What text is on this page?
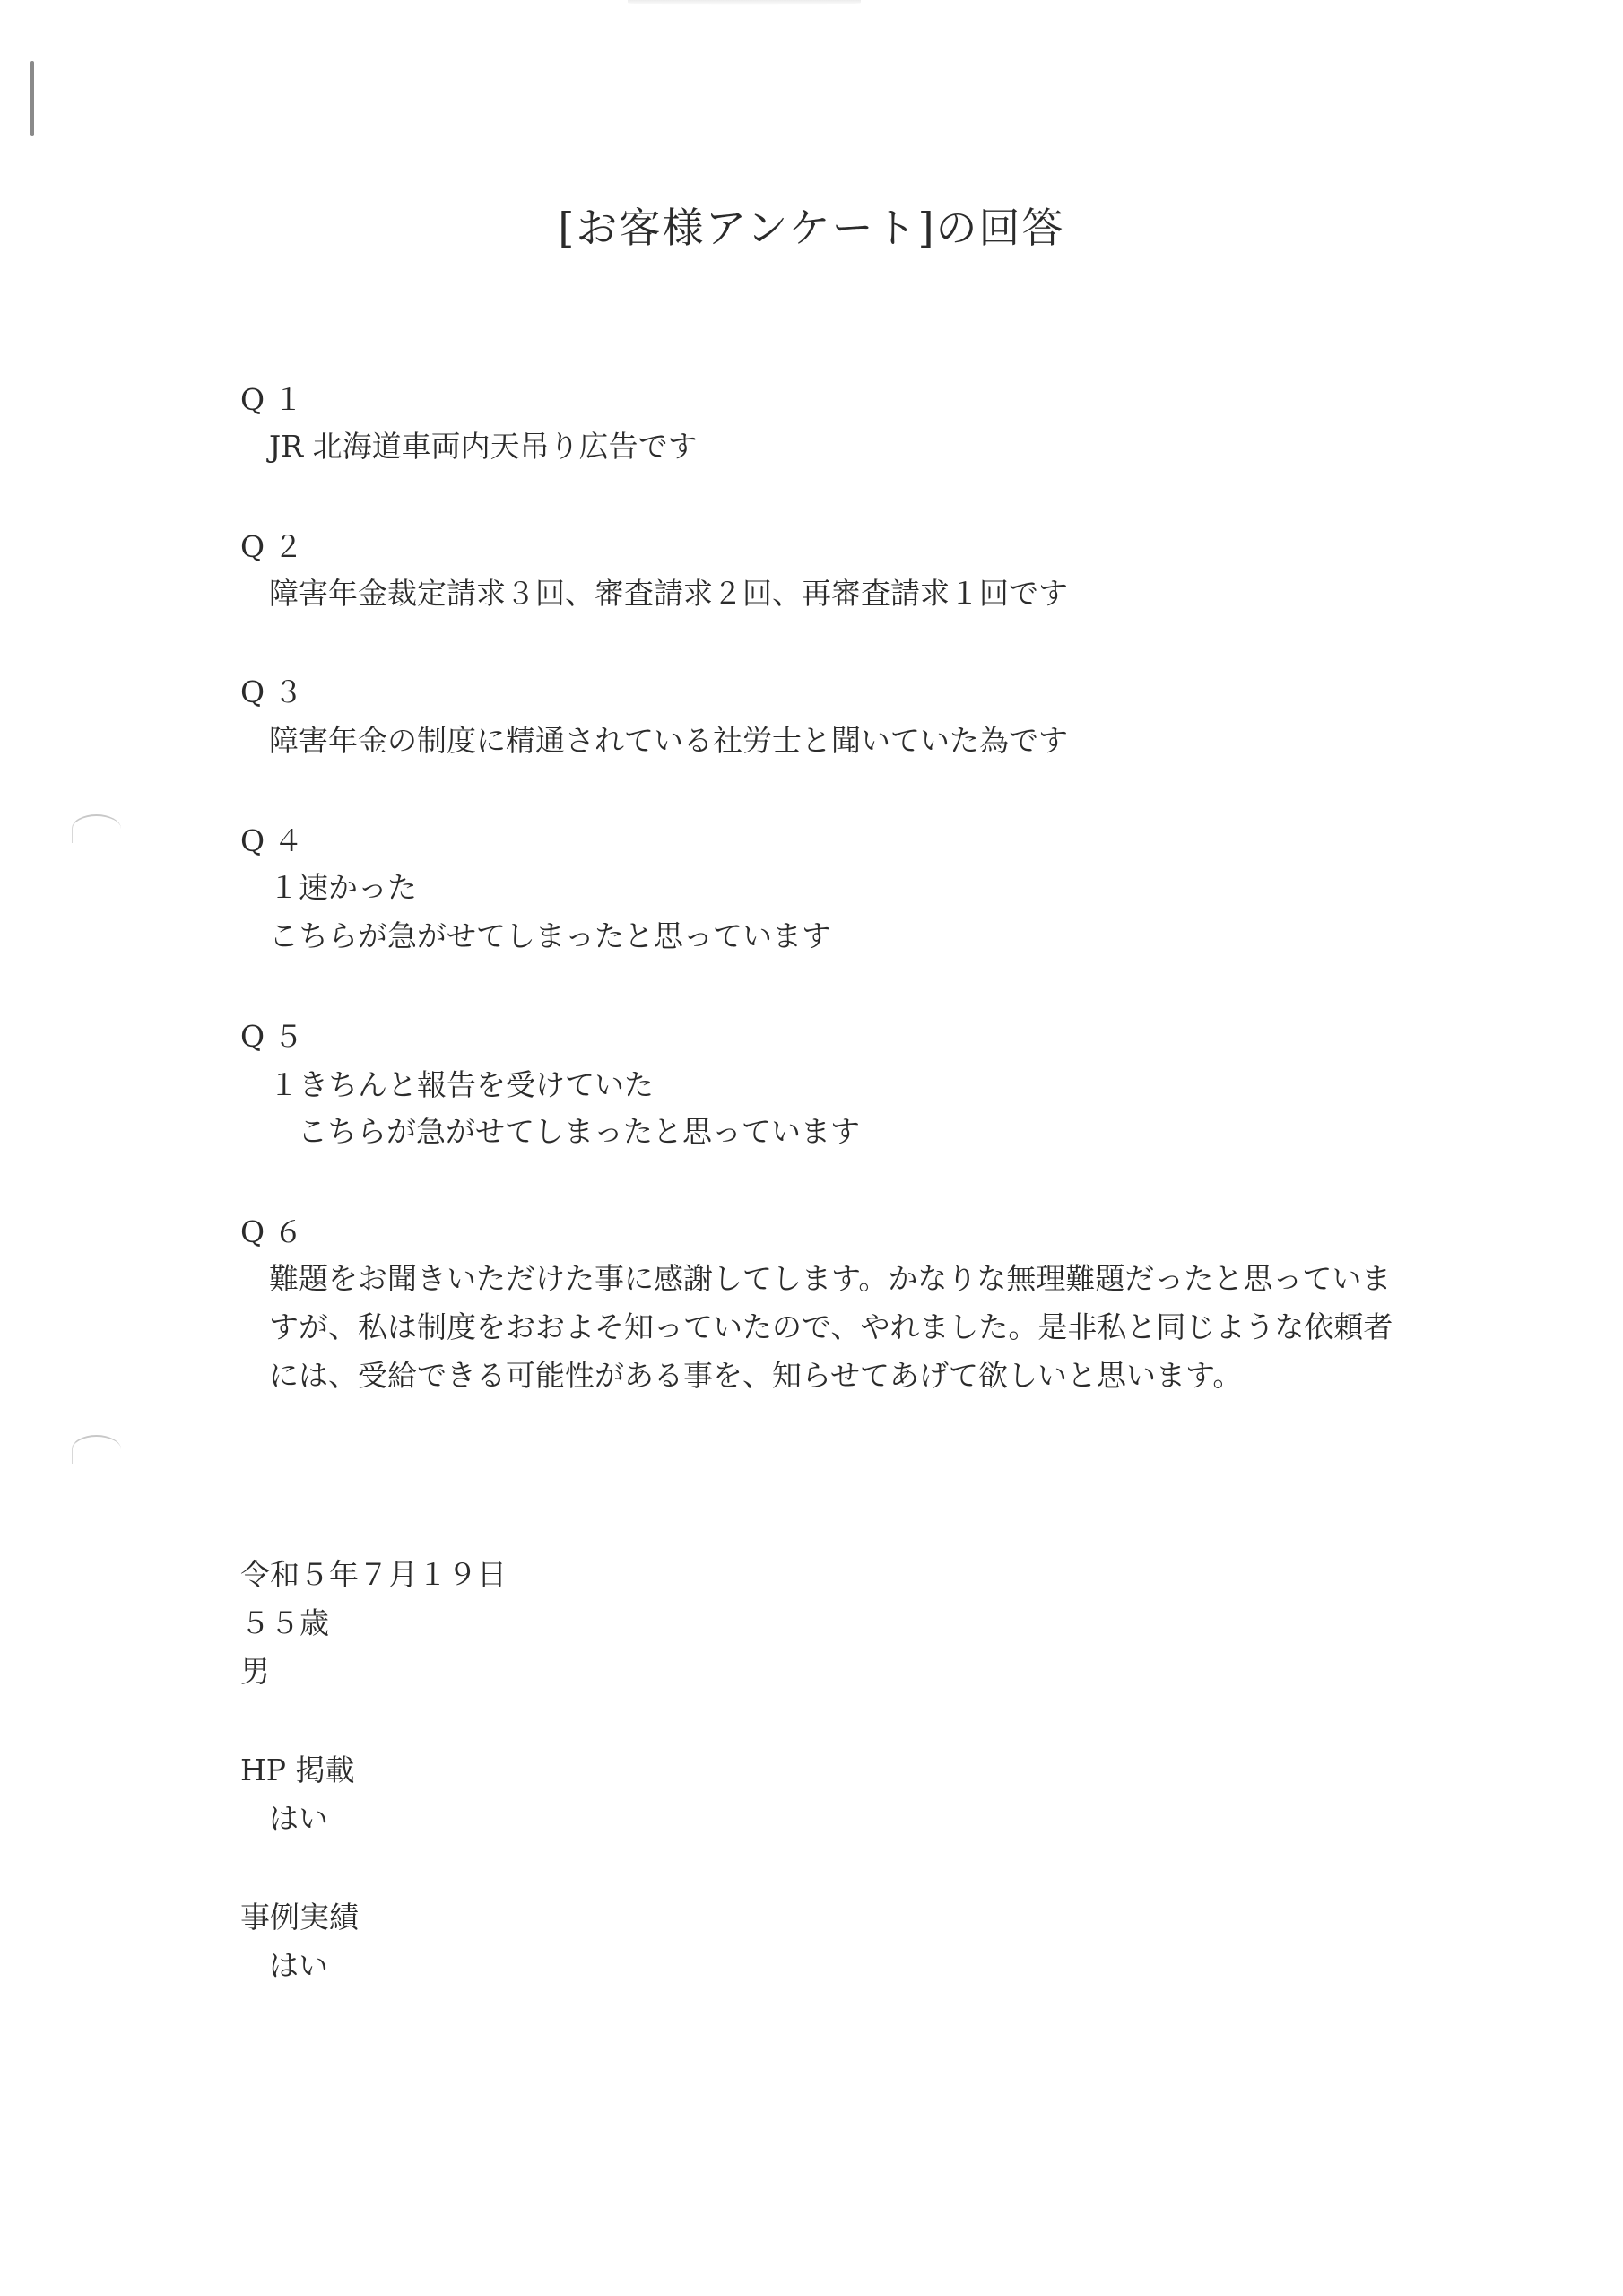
[お客様アンケート]の回答
Q１
JR 北海道車両内天吊り広告です
Q２
障害年金裁定請求３回、審査請求２回、再審査請求１回です
Q３
障害年金の制度に精通されている社労士と聞いていた為です
Q４
１速かった
こちらが急がせてしまったと思っています
Q５
１きちんと報告を受けていた
こちらが急がせてしまったと思っています
Q６
難題をお聞きいただけた事に感謝してします。かなりな無理難題だったと思っていま
すが、私は制度をおおよそ知っていたので、やれました。是非私と同じような依頼者
には、受給できる可能性がある事を、知らせてあげて欲しいと思います。
令和５年７月１９日
５５歳
男
HP 掲載
はい
事例実績
はい
